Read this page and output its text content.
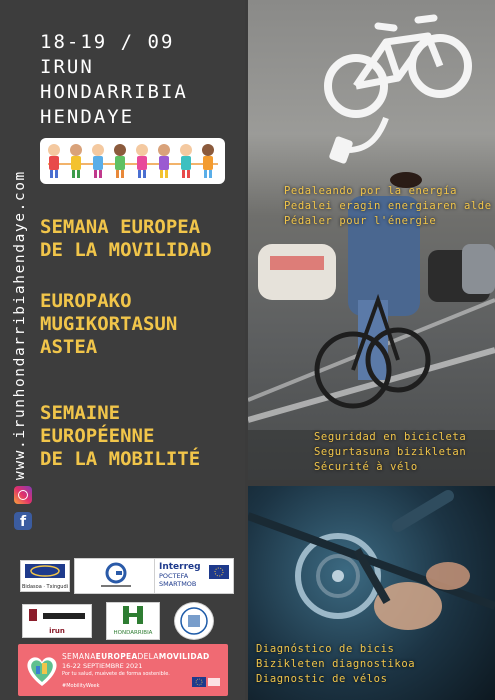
18-19 / 09
IRUN
HONDARRIBIA
HENDAYE
www.irunhondarribiahendaye.com
f
SEMANA EUROPEA
DE LA MOVILIDAD
EUROPAKO
MUGIKORTASUN
ASTEA
SEMAINE
EUROPÉENNE
DE LA MOBILITÉ
Bidasoa · Txingudi
Interreg
POCTEFA
SMARTMOB
irun	HONDARRIBIA
SEMANAEUROPEADELAMOVILIDAD
16-22 SEPTIEMBRE 2021
Por tu salud, muévete de forma sostenible.
#MobilityWeek
Pedaleando por la energía
Pedalei eragin energiaren alde
Pédaler pour l'énergie
Seguridad en bicicleta
Segurtasuna bizikletan
Sécurité à vélo
Diagnóstico de bicis
Bizikleten diagnostikoa
Diagnostic de vélos
